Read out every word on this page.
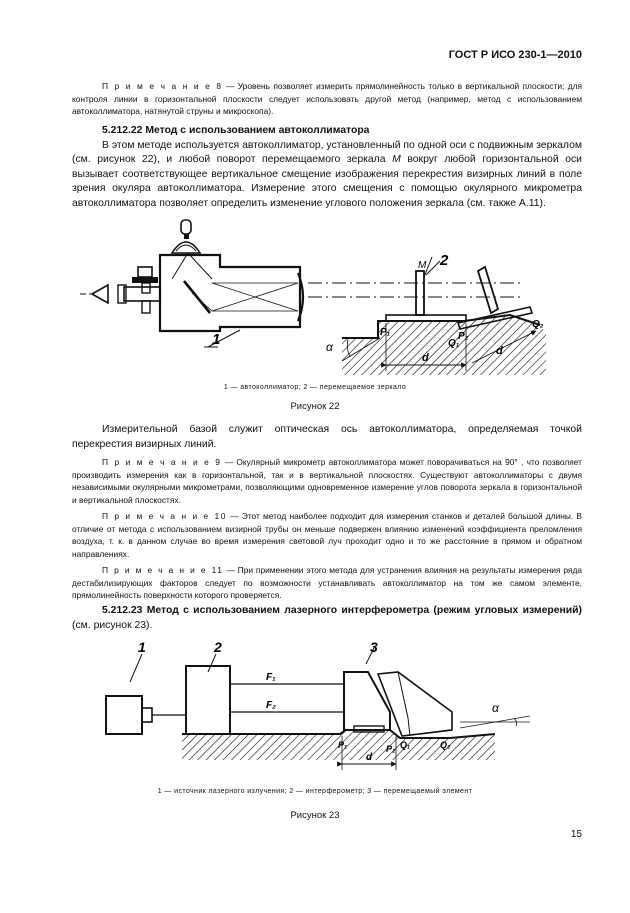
ГОСТ Р ИСО 230-1—2010

П р и м е ч а н и е 8 — Уровень позволяет измерить прямолинейность только в вертикальной плоскости; для контроля линии в горизонтальной плоскости следует использовать другой метод (например, метод с использованием автоколлиматора, натянутой струны и микроскопа).

5.212.22 Метод с использованием автоколлиматора

В этом методе используется автоколлиматор, установленный по одной оси с подвижным зеркалом (см. рисунок 22), и любой поворот перемещаемого зеркала М вокруг любой горизонтальной оси вызывает соответствующее вертикальное смещение изображения перекрестия визирных линий в поле зрения окуляра автоколлиматора. Измерение этого смещения с помощью окулярного микрометра автоколлиматора позволяет определить изменение углового положения зеркала (см. также А.11).

1
2
М
α
P₁
Q₁
P₂
Q₂
d
d
1 — автоколлиматор; 2 — перемещаемое зеркало
Рисунок 22

Измерительной базой служит оптическая ось автоколлиматора, определяемая точкой перекрестия визирных линий.

П р и м е ч а н и е 9 — Окулярный микрометр автоколлиматора может поворачиваться на 90° , что позволяет производить измерения как в горизонтальной, так и в вертикальной плоскостях. Существуют автоколлиматоры с двумя независимыми окулярными микрометрами, позволяющими одновременное измерение углов поворота зеркала в горизонтальной и вертикальной плоскостях.

П р и м е ч а н и е 10 — Этот метод наиболее подходит для измерения станков и деталей большой длины. В отличие от метода с использованием визирной трубы он меньше подвержен влиянию изменений коэффициента преломления воздуха, т. к. в данном случае во время измерения световой луч проходит одно и то же расстояние в прямом и обратном направлениях.

П р и м е ч а н и е 11 — При применении этого метода для устранения влияния на результаты измерения ряда дестабилизирующих факторов следует по возможности устанавливать автоколлиматор на том же самом элементе, прямолинейность поверхности которого проверяется.

5.212.23 Метод с использованием лазерного интерферометра (режим угловых измерений) (см. рисунок 23).

1	2	3
F₁
F₂	α
P₁	P₂ Q₁	Q₂
d
1 — источник лазерного излучения; 2 — интерферометр; 3 — перемещаемый элемент
Рисунок 23
15
